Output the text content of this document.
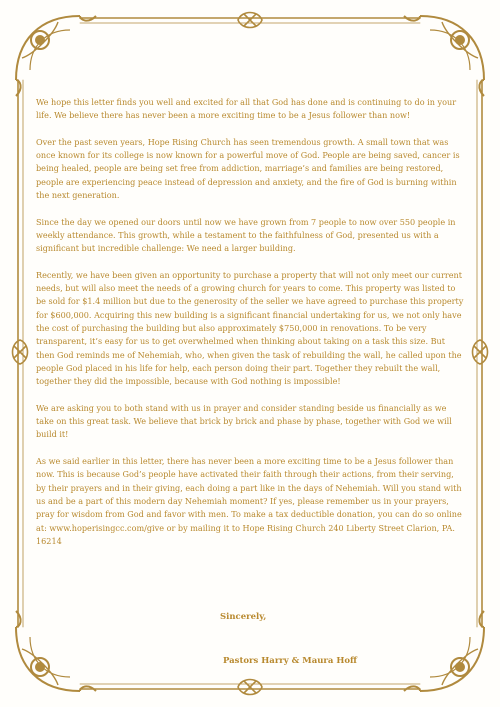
We hope this letter finds you well and excited for all that God has done and is continuing to do in your life. We believe there has never been a more exciting time to be a Jesus follower than now!

Over the past seven years, Hope Rising Church has seen tremendous growth. A small town that was once known for its college is now known for a powerful move of God. People are being saved, cancer is being healed, people are being set free from addiction, marriage’s and families are being restored, people are experiencing peace instead of depression and anxiety, and the fire of God is burning within the next generation.

Since the day we opened our doors until now we have grown from 7 people to now over 550 people in weekly attendance. This growth, while a testament to the faithfulness of God, presented us with a significant but incredible challenge: We need a larger building.

Recently, we have been given an opportunity to purchase a property that will not only meet our current needs, but will also meet the needs of a growing church for years to come. This property was listed to be sold for $1.4 million but due to the generosity of the seller we have agreed to purchase this property for $600,000. Acquiring this new building is a significant financial undertaking for us, we not only have the cost of purchasing the building but also approximately $750,000 in renovations. To be very transparent, it’s easy for us to get overwhelmed when thinking about taking on a task this size. But then God reminds me of Nehemiah, who, when given the task of rebuilding the wall, he called upon the people God placed in his life for help, each person doing their part. Together they rebuilt the wall, together they did the impossible, because with God nothing is impossible!

We are asking you to both stand with us in prayer and consider standing beside us financially as we take on this great task. We believe that brick by brick and phase by phase, together with God we will build it!

As we said earlier in this letter, there has never been a more exciting time to be a Jesus follower than now. This is because God’s people have activated their faith through their actions, from their serving, by their prayers and in their giving, each doing a part like in the days of Nehemiah. Will you stand with us and be a part of this modern day Nehemiah moment? If yes, please remember us in your prayers, pray for wisdom from God and favor with men. To make a tax deductible donation, you can do so online at: www.hoperisingcc.com/give or by mailing it to Hope Rising Church 240 Liberty Street Clarion, PA. 16214

Sincerely,
Pastors Harry & Maura Hoff
